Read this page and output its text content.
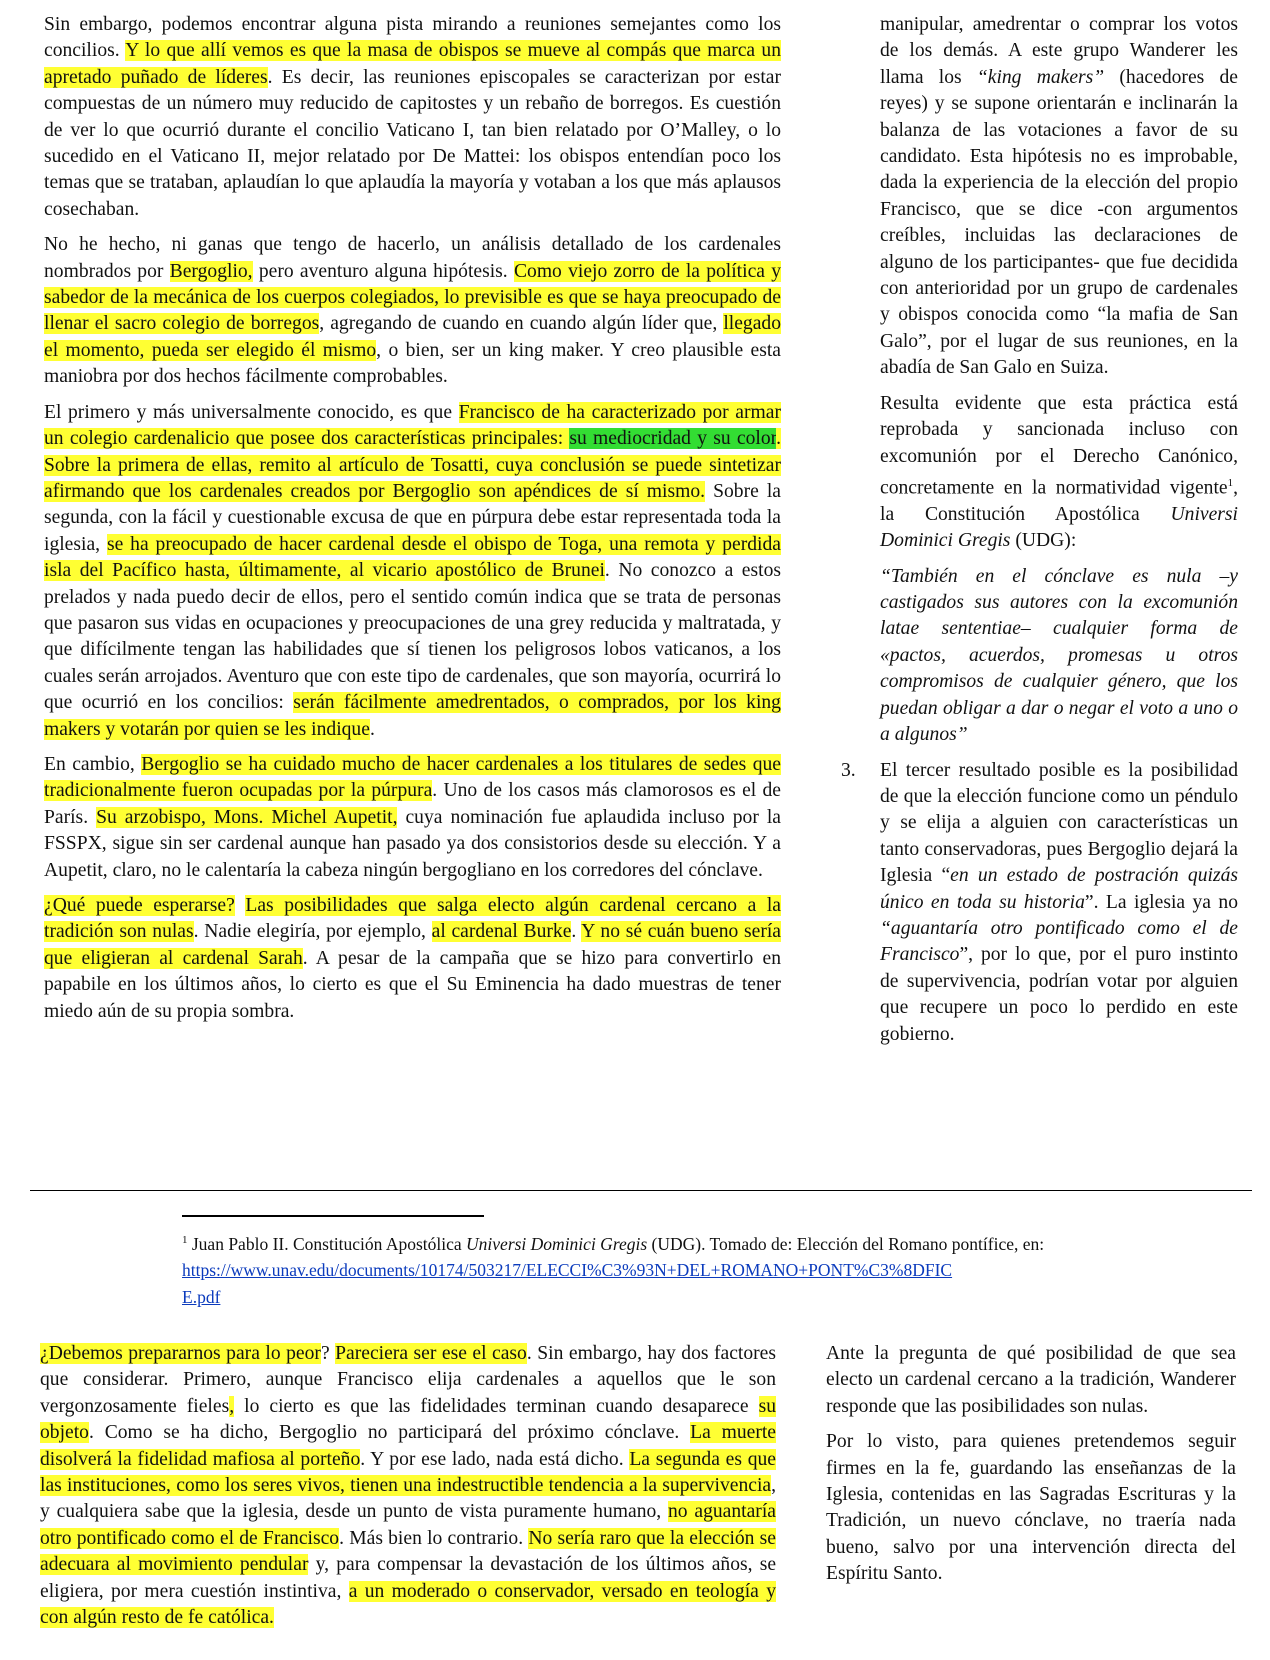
Sin embargo, podemos encontrar alguna pista mirando a reuniones semejantes como los concilios. Y lo que allí vemos es que la masa de obispos se mueve al compás que marca un apretado puñado de líderes. Es decir, las reuniones episcopales se caracterizan por estar compuestas de un número muy reducido de capitostes y un rebaño de borregos. Es cuestión de ver lo que ocurrió durante el concilio Vaticano I, tan bien relatado por O’Malley, o lo sucedido en el Vaticano II, mejor relatado por De Mattei: los obispos entendían poco los temas que se trataban, aplaudían lo que aplaudía la mayoría y votaban a los que más aplausos cosechaban.

No he hecho, ni ganas que tengo de hacerlo, un análisis detallado de los cardenales nombrados por Bergoglio, pero aventuro alguna hipótesis. Como viejo zorro de la política y sabedor de la mecánica de los cuerpos colegiados, lo previsible es que se haya preocupado de llenar el sacro colegio de borregos, agregando de cuando en cuando algún líder que, llegado el momento, pueda ser elegido él mismo, o bien, ser un king maker. Y creo plausible esta maniobra por dos hechos fácilmente comprobables.

El primero y más universalmente conocido, es que Francisco de ha caracterizado por armar un colegio cardenalicio que posee dos características principales: su mediocridad y su color. Sobre la primera de ellas, remito al artículo de Tosatti, cuya conclusión se puede sintetizar afirmando que los cardenales creados por Bergoglio son apéndices de sí mismo. Sobre la segunda, con la fácil y cuestionable excusa de que en púrpura debe estar representada toda la iglesia, se ha preocupado de hacer cardenal desde el obispo de Toga, una remota y perdida isla del Pacífico hasta, últimamente, al vicario apostólico de Brunei. No conozco a estos prelados y nada puedo decir de ellos, pero el sentido común indica que se trata de personas que pasaron sus vidas en ocupaciones y preocupaciones de una grey reducida y maltratada, y que difícilmente tengan las habilidades que sí tienen los peligrosos lobos vaticanos, a los cuales serán arrojados. Aventuro que con este tipo de cardenales, que son mayoría, ocurrirá lo que ocurrió en los concilios: serán fácilmente amedrentados, o comprados, por los king makers y votarán por quien se les indique.

En cambio, Bergoglio se ha cuidado mucho de hacer cardenales a los titulares de sedes que tradicionalmente fueron ocupadas por la púrpura. Uno de los casos más clamorosos es el de París. Su arzobispo, Mons. Michel Aupetit, cuya nominación fue aplaudida incluso por la FSSPX, sigue sin ser cardenal aunque han pasado ya dos consistorios desde su elección. Y a Aupetit, claro, no le calentaría la cabeza ningún bergogliano en los corredores del cónclave.

¿Qué puede esperarse? Las posibilidades que salga electo algún cardenal cercano a la tradición son nulas. Nadie elegiría, por ejemplo, al cardenal Burke. Y no sé cuán bueno sería que eligieran al cardenal Sarah. A pesar de la campaña que se hizo para convertirlo en papabile en los últimos años, lo cierto es que el Su Eminencia ha dado muestras de tener miedo aún de su propia sombra.

manipular, amedrentar o comprar los votos de los demás. A este grupo Wanderer les llama los “king makers” (hacedores de reyes) y se supone orientarán e inclinarán la balanza de las votaciones a favor de su candidato. Esta hipótesis no es improbable, dada la experiencia de la elección del propio Francisco, que se dice -con argumentos creíbles, incluidas las declaraciones de alguno de los participantes- que fue decidida con anterioridad por un grupo de cardenales y obispos conocida como “la mafia de San Galo”, por el lugar de sus reuniones, en la abadía de San Galo en Suiza.

Resulta evidente que esta práctica está reprobada y sancionada incluso con excomunión por el Derecho Canónico, concretamente en la normatividad vigente$^1$, la Constitución Apostólica Universi Dominici Gregis (UDG):

“También en el cónclave es nula –y castigados sus autores con la excomunión latae sententiae– cualquier forma de «pactos, acuerdos, promesas u otros compromisos de cualquier género, que los puedan obligar a dar o negar el voto a uno o a algunos”

3. El tercer resultado posible es la posibilidad de que la elección funcione como un péndulo y se elija a alguien con características un tanto conservadoras, pues Bergoglio dejará la Iglesia “en un estado de postración quizás único en toda su historia”. La iglesia ya no “aguantaría otro pontificado como el de Francisco”, por lo que, por el puro instinto de supervivencia, podrían votar por alguien que recupere un poco lo perdido en este gobierno.

$^1$ Juan Pablo II. Constitución Apostólica Universi Dominici Gregis (UDG). Tomado de: Elección del Romano pontífice, en:
https://www.unav.edu/documents/10174/503217/ELECCI%C3%93N+DEL+ROMANO+PONT%C3%8DFIC
E.pdf

¿Debemos prepararnos para lo peor? Pareciera ser ese el caso. Sin embargo, hay dos factores que considerar. Primero, aunque Francisco elija cardenales a aquellos que le son vergonzosamente fieles, lo cierto es que las fidelidades terminan cuando desaparece su objeto. Como se ha dicho, Bergoglio no participará del próximo cónclave. La muerte disolverá la fidelidad mafiosa al porteño. Y por ese lado, nada está dicho. La segunda es que las instituciones, como los seres vivos, tienen una indestructible tendencia a la supervivencia, y cualquiera sabe que la iglesia, desde un punto de vista puramente humano, no aguantaría otro pontificado como el de Francisco. Más bien lo contrario. No sería raro que la elección se adecuara al movimiento pendular y, para compensar la devastación de los últimos años, se eligiera, por mera cuestión instintiva, a un moderado o conservador, versado en teología y con algún resto de fe católica.

Ante la pregunta de qué posibilidad de que sea electo un cardenal cercano a la tradición, Wanderer responde que las posibilidades son nulas.

Por lo visto, para quienes pretendemos seguir firmes en la fe, guardando las enseñanzas de la Iglesia, contenidas en las Sagradas Escrituras y la Tradición, un nuevo cónclave, no traería nada bueno, salvo por una intervención directa del Espíritu Santo.
